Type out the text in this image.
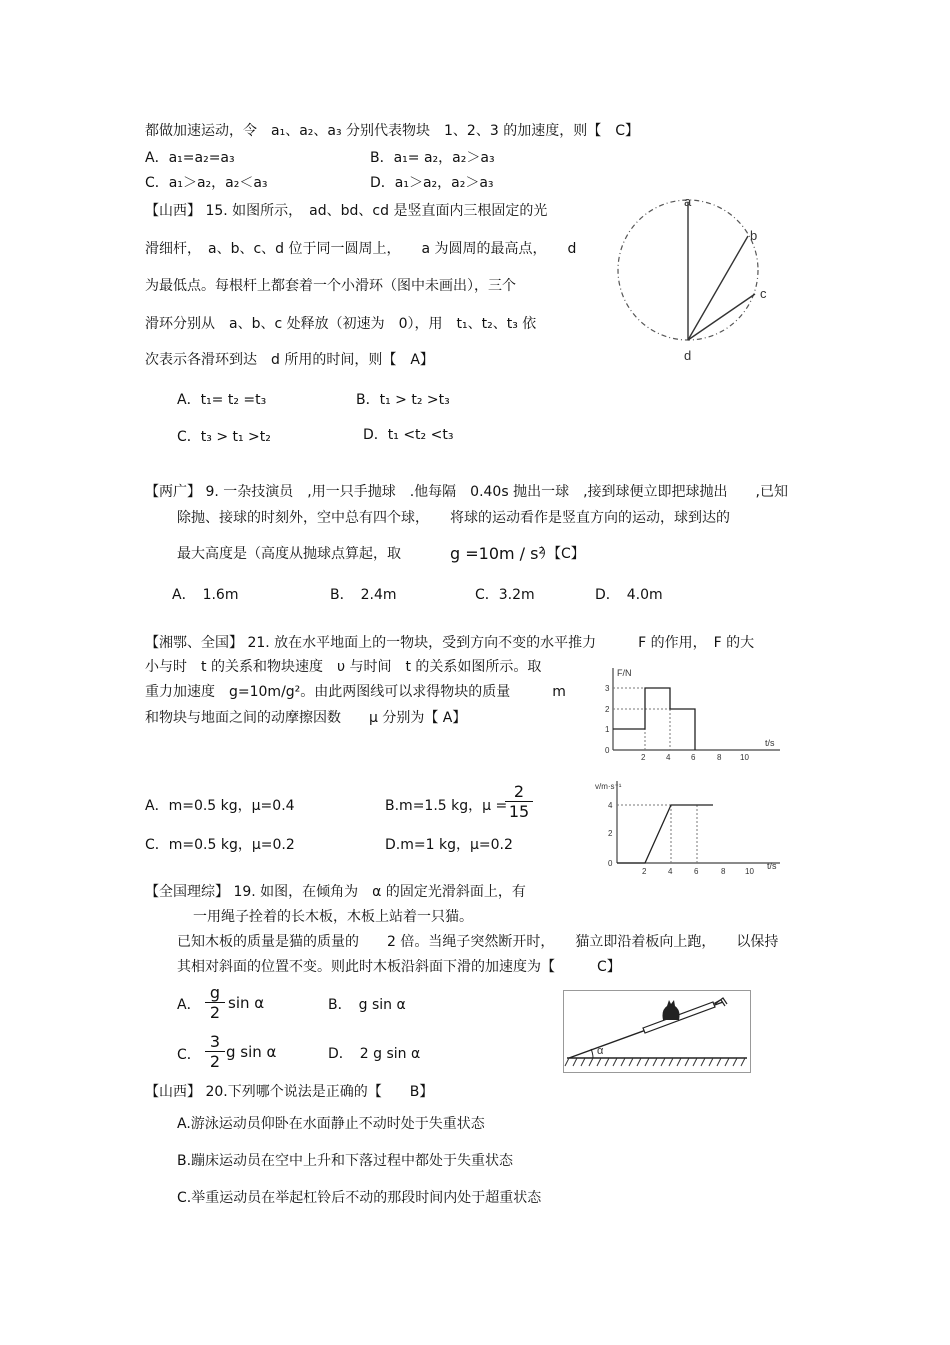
都做加速运动，令　a₁、a₂、a₃ 分别代表物块　1、2、3 的加速度，则【　C】
A．a₁=a₂=a₃	B．a₁= a₂，a₂＞a₃
C．a₁＞a₂，a₂＜a₃	D．a₁＞a₂，a₂＞a₃
【山西】 15. 如图所示，　ad、bd、cd 是竖直面内三根固定的光
滑细杆，　a、b、c、d 位于同一圆周上，　　a 为圆周的最高点，　　d
为最低点。每根杆上都套着一个小滑环（图中未画出），三个
滑环分别从　a、b、c 处释放（初速为　0），用　t₁、t₂、t₃ 依
次表示各滑环到达　d 所用的时间，则【　A】
A．t₁= t₂ =t₃	B．t₁ > t₂ >t₃
C．t₃ > t₁ >t₂	D．t₁ <t₂ <t₃
a
b
c
d
【两广】 9. 一杂技演员　,用一只手抛球　.他每隔　0.40s 抛出一球　,接到球便立即把球抛出　　,已知
除抛、接球的时刻外，空中总有四个球，　　将球的运动看作是竖直方向的运动，球到达的
最大高度是（高度从抛球点算起，取	g =10m / s²
）【C】
A．　1.6m	B．　2.4m	C．3.2m	D．　4.0m
【湘鄂、全国】 21. 放在水平地面上的一物块，受到方向不变的水平推力　　　F 的作用，　F 的大
小与时　t 的关系和物块速度　υ 与时间　t 的关系如图所示。取
重力加速度　g=10m/g²。由此两图线可以求得物块的质量　　　m
和物块与地面之间的动摩擦因数　　μ 分别为【 A】
A．m=0.5 kg，μ=0.4	B.m=1.5 kg，μ =
$\frac{2}{15}$
C．m=0.5 kg，μ=0.2	D.m=1 kg，μ=0.2
F/N
t/s
2	4	6	8 10
0
1
2
3
v/m·s⁻¹
t/s
2	4	6	8 10
0
2
4
【全国理综】 19. 如图，在倾角为　α 的固定光滑斜面上，有
一用绳子拴着的长木板，木板上站着一只猫。
已知木板的质量是猫的质量的　　2 倍。当绳子突然断开时，　　猫立即沿着板向上跑，　　以保持
其相对斜面的位置不变。则此时木板沿斜面下滑的加速度为【　　　C】
A． $\frac{g}{2}$ sin α	B．　g sin α
C． $\frac{3}{2}$ g sin α	D．　2 g sin α	α
【山西】 20.下列哪个说法是正确的【　　B】
A.游泳运动员仰卧在水面静止不动时处于失重状态
B.蹦床运动员在空中上升和下落过程中都处于失重状态
C.举重运动员在举起杠铃后不动的那段时间内处于超重状态
